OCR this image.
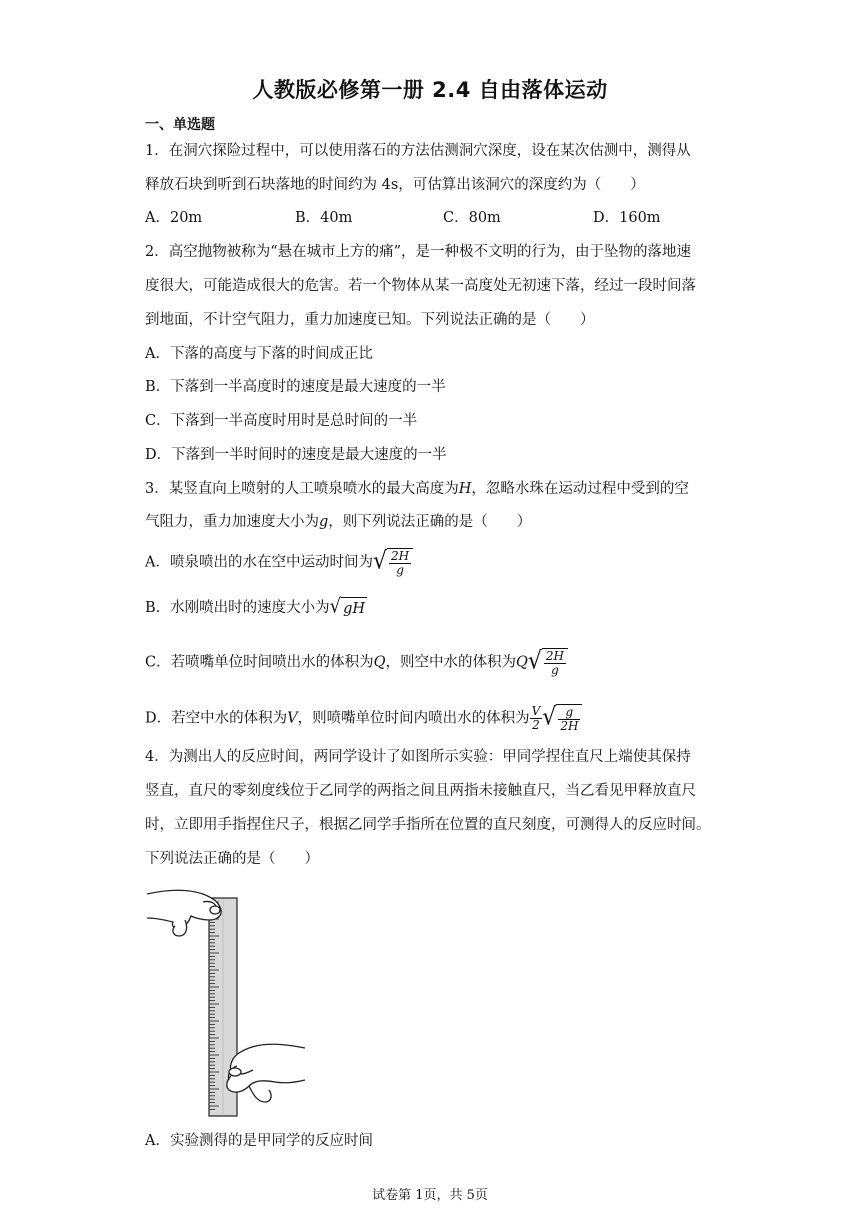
人教版必修第一册 2.4 自由落体运动
一、单选题
1．在洞穴探险过程中，可以使用落石的方法估测洞穴深度，设在某次估测中，测得从
释放石块到听到石块落地的时间约为 4s，可估算出该洞穴的深度约为（　　）
A．20m	B．40m	C．80m	D．160m
2．高空抛物被称为“悬在城市上方的痛”，是一种极不文明的行为，由于坠物的落地速
度很大，可能造成很大的危害。若一个物体从某一高度处无初速下落，经过一段时间落
到地面，不计空气阻力，重力加速度已知。下列说法正确的是（　　）
A．下落的高度与下落的时间成正比
B．下落到一半高度时的速度是最大速度的一半
C．下落到一半高度时用时是总时间的一半
D．下落到一半时间时的速度是最大速度的一半
3．某竖直向上喷射的人工喷泉喷水的最大高度为H，忽略水珠在运动过程中受到的空
气阻力，重力加速度大小为g，则下列说法正确的是（　　）
A．喷泉喷出的水在空中运动时间为 √ $\frac{2H}{g}$
B．水刚喷出时的速度大小为 √ gH
C．若喷嘴单位时间喷出水的体积为Q，则空中水的体积为Q √ $\frac{2H}{g}$
D．若空中水的体积为V，则喷嘴单位时间内喷出水的体积为 $\frac{V}{2}$ √ $\frac{g}{2H}$
4．为测出人的反应时间，两同学设计了如图所示实验：甲同学捏住直尺上端使其保持
竖直，直尺的零刻度线位于乙同学的两指之间且两指未接触直尺，当乙看见甲释放直尺
时，立即用手指捏住尺子，根据乙同学手指所在位置的直尺刻度，可测得人的反应时间。
下列说法正确的是（　　）
A．实验测得的是甲同学的反应时间
试卷第 1页，共 5页
